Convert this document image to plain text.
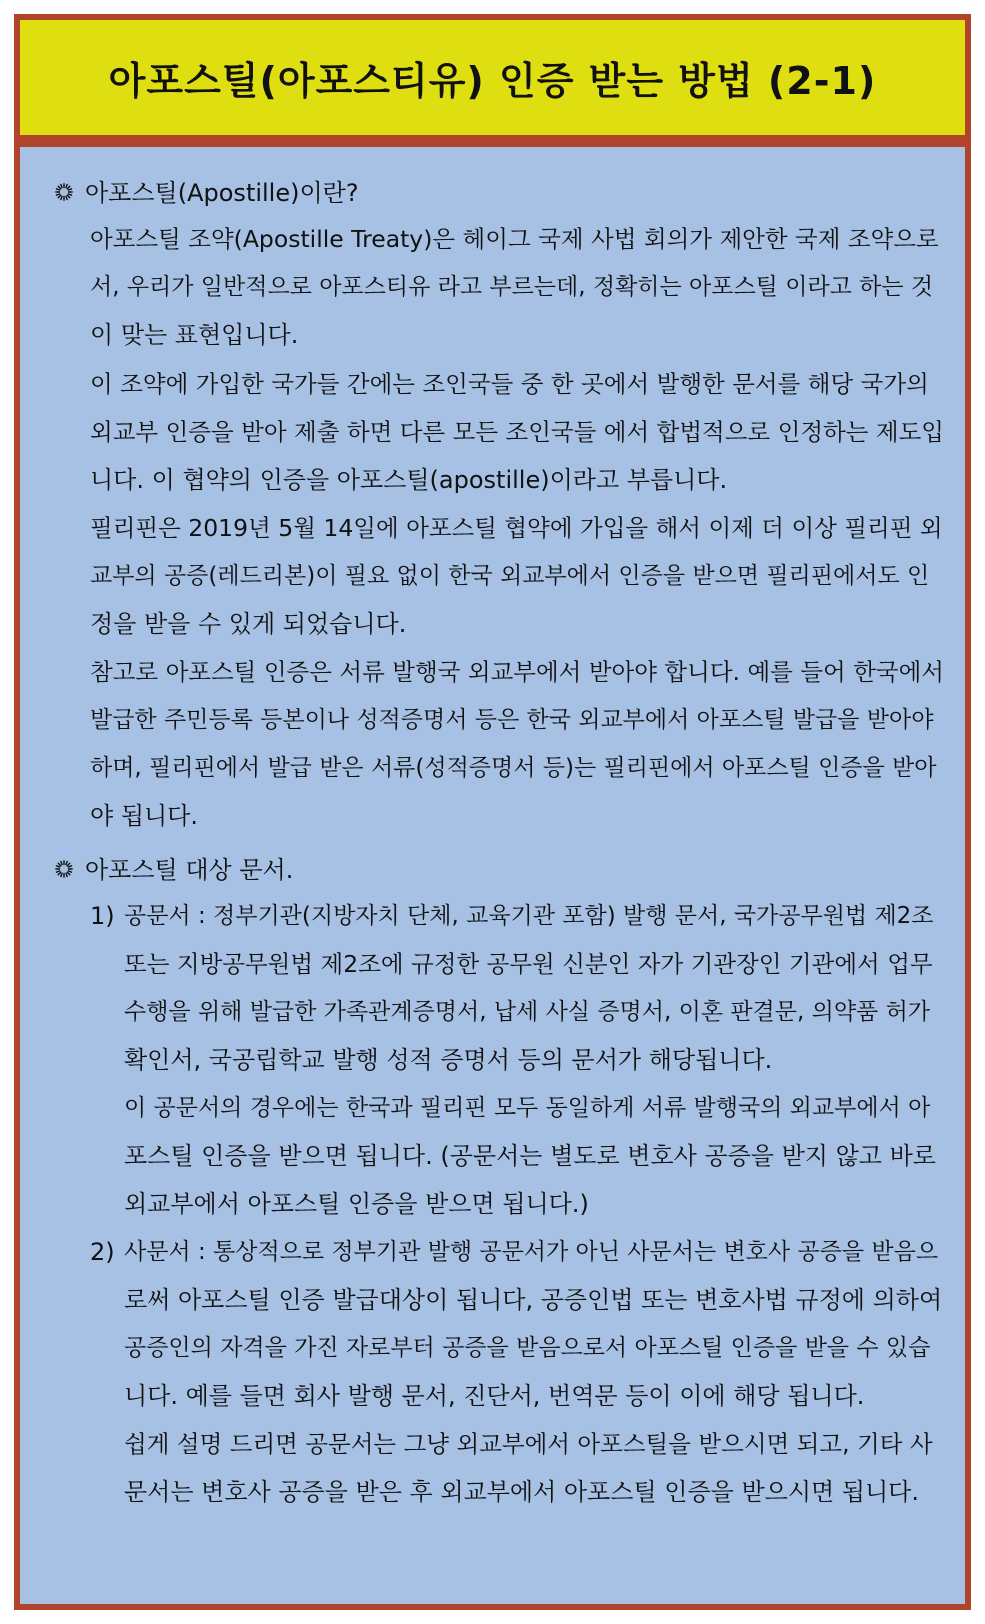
아포스틸(아포스티유) 인증 받는 방법 (2-1)
아포스틸(Apostille)이란?
아포스틸 조약(Apostille Treaty)은 헤이그 국제 사법 회의가 제안한 국제 조약으로
서, 우리가 일반적으로 아포스티유 라고 부르는데, 정확히는 아포스틸 이라고 하는 것
이 맞는 표현입니다.
이 조약에 가입한 국가들 간에는 조인국들 중 한 곳에서 발행한 문서를 해당 국가의
외교부 인증을 받아 제출 하면 다른 모든 조인국들 에서 합법적으로 인정하는 제도입
니다. 이 협약의 인증을 아포스틸(apostille)이라고 부릅니다.
필리핀은 2019년 5월 14일에 아포스틸 협약에 가입을 해서 이제 더 이상 필리핀 외
교부의 공증(레드리본)이 필요 없이 한국 외교부에서 인증을 받으면 필리핀에서도 인
정을 받을 수 있게 되었습니다.
참고로 아포스틸 인증은 서류 발행국 외교부에서 받아야 합니다. 예를 들어 한국에서
발급한 주민등록 등본이나 성적증명서 등은 한국 외교부에서 아포스틸 발급을 받아야
하며, 필리핀에서 발급 받은 서류(성적증명서 등)는 필리핀에서 아포스틸 인증을 받아
야 됩니다.
아포스틸 대상 문서.
1) 공문서 : 정부기관(지방자치 단체, 교육기관 포함) 발행 문서, 국가공무원법 제2조
또는 지방공무원법 제2조에 규정한 공무원 신분인 자가 기관장인 기관에서 업무
수행을 위해 발급한 가족관계증명서, 납세 사실 증명서, 이혼 판결문, 의약품 허가
확인서, 국공립학교 발행 성적 증명서 등의 문서가 해당됩니다.
이 공문서의 경우에는 한국과 필리핀 모두 동일하게 서류 발행국의 외교부에서 아
포스틸 인증을 받으면 됩니다. (공문서는 별도로 변호사 공증을 받지 않고 바로
외교부에서 아포스틸 인증을 받으면 됩니다.)
2) 사문서 : 통상적으로 정부기관 발행 공문서가 아닌 사문서는 변호사 공증을 받음으
로써 아포스틸 인증 발급대상이 됩니다, 공증인법 또는 변호사법 규정에 의하여
공증인의 자격을 가진 자로부터 공증을 받음으로서 아포스틸 인증을 받을 수 있습
니다. 예를 들면 회사 발행 문서, 진단서, 번역문 등이 이에 해당 됩니다.
쉽게 설명 드리면 공문서는 그냥 외교부에서 아포스틸을 받으시면 되고, 기타 사
문서는 변호사 공증을 받은 후 외교부에서 아포스틸 인증을 받으시면 됩니다.
